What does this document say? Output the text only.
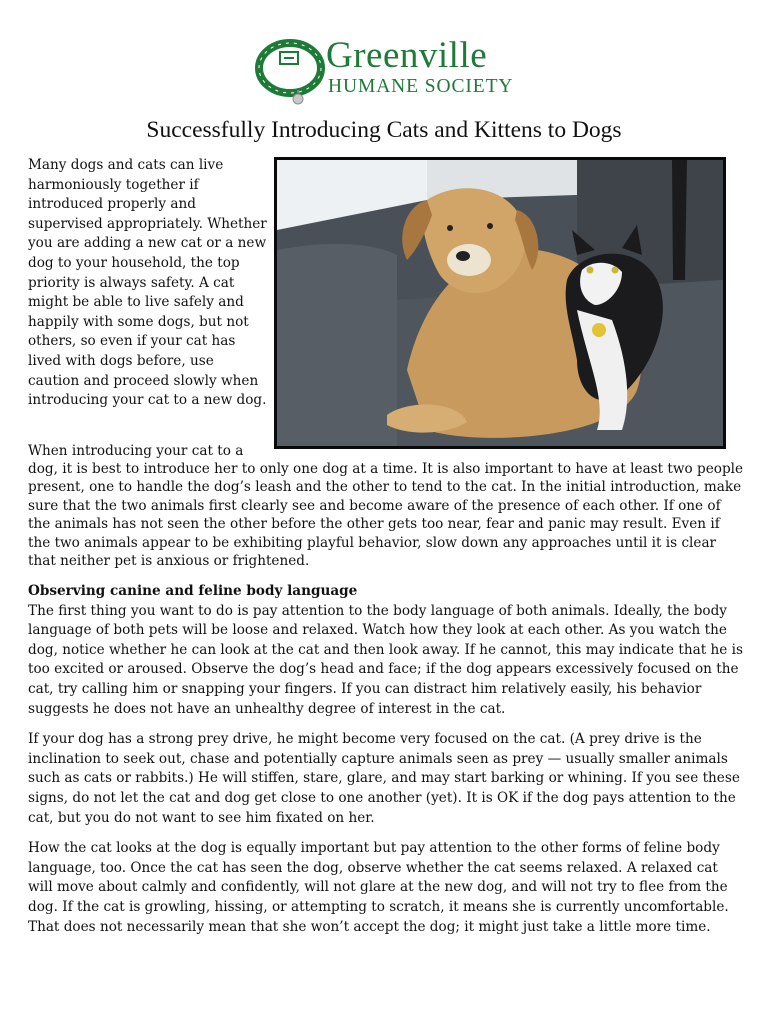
Greenville
HUMANE SOCIETY
Successfully Introducing Cats and Kittens to Dogs

Many dogs and cats can live harmoniously together if introduced properly and supervised appropriately. Whether you are adding a new cat or a new dog to your household, the top priority is always safety. A cat might be able to live safely and happily with some dogs, but not others, so even if your cat has lived with dogs before, use caution and proceed slowly when introducing your cat to a new dog.

When introducing your cat to a

dog, it is best to introduce her to only one dog at a time. It is also important to have at least two people present, one to handle the dog’s leash and the other to tend to the cat. In the initial introduction, make sure that the two animals first clearly see and become aware of the presence of each other. If one of the animals has not seen the other before the other gets too near, fear and panic may result. Even if the two animals appear to be exhibiting playful behavior, slow down any approaches until it is clear that neither pet is anxious or frightened.

Observing canine and feline body language

The first thing you want to do is pay attention to the body language of both animals. Ideally, the body language of both pets will be loose and relaxed. Watch how they look at each other. As you watch the dog, notice whether he can look at the cat and then look away. If he cannot, this may indicate that he is too excited or aroused. Observe the dog’s head and face; if the dog appears excessively focused on the cat, try calling him or snapping your fingers. If you can distract him relatively easily, his behavior suggests he does not have an unhealthy degree of interest in the cat.

If your dog has a strong prey drive, he might become very focused on the cat. (A prey drive is the inclination to seek out, chase and potentially capture animals seen as prey — usually smaller animals such as cats or rabbits.) He will stiffen, stare, glare, and may start barking or whining. If you see these signs, do not let the cat and dog get close to one another (yet). It is OK if the dog pays attention to the cat, but you do not want to see him fixated on her.

How the cat looks at the dog is equally important but pay attention to the other forms of feline body language, too. Once the cat has seen the dog, observe whether the cat seems relaxed. A relaxed cat will move about calmly and confidently, will not glare at the new dog, and will not try to flee from the dog. If the cat is growling, hissing, or attempting to scratch, it means she is currently uncomfortable. That does not necessarily mean that she won’t accept the dog; it might just take a little more time.
